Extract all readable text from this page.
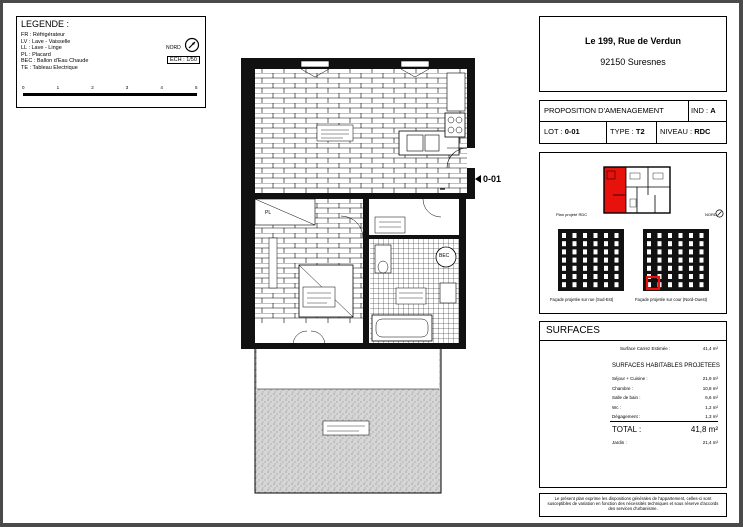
LEGENDE :
FR : Réfrigérateur
LV : Lave - Vaisselle
LL : Lave - Linge
PL : Placard
BEC : Ballon d'Eau Chaude
TE : Tableau Electrique
NORD
ECH : 1/50
0	1	2	3	4	5
0-01
PL
BEC
Le 199, Rue de Verdun
92150 Suresnes
PROPOSITION D'AMENAGEMENT	IND : A
LOT : 0-01	TYPE : T2 NIVEAU : RDC
Plan projeté RDC	NORD
Façade projetée sur rue (Sud-Est)	Façade projetée sur cour (Nord-Ouest)
SURFACES
Surface Carrez Estimée :	41,4 m²
SURFACES HABITABLES PROJETEES
Séjour + Cuisine :	21,9 m²
Chambre :	10,8 m²
Salle de bain :	6,6 m²
Wc :	1,2 m²
Dégagement :	1,3 m²
TOTAL :	41,8 m²
Jardin :	21,4 m²
Le présent plan exprime les dispositions générales de l'appartement, celles-ci sont susceptibles de variation en fonction des nécessités techniques et sous réserve d'accords des services d'urbanisme.
